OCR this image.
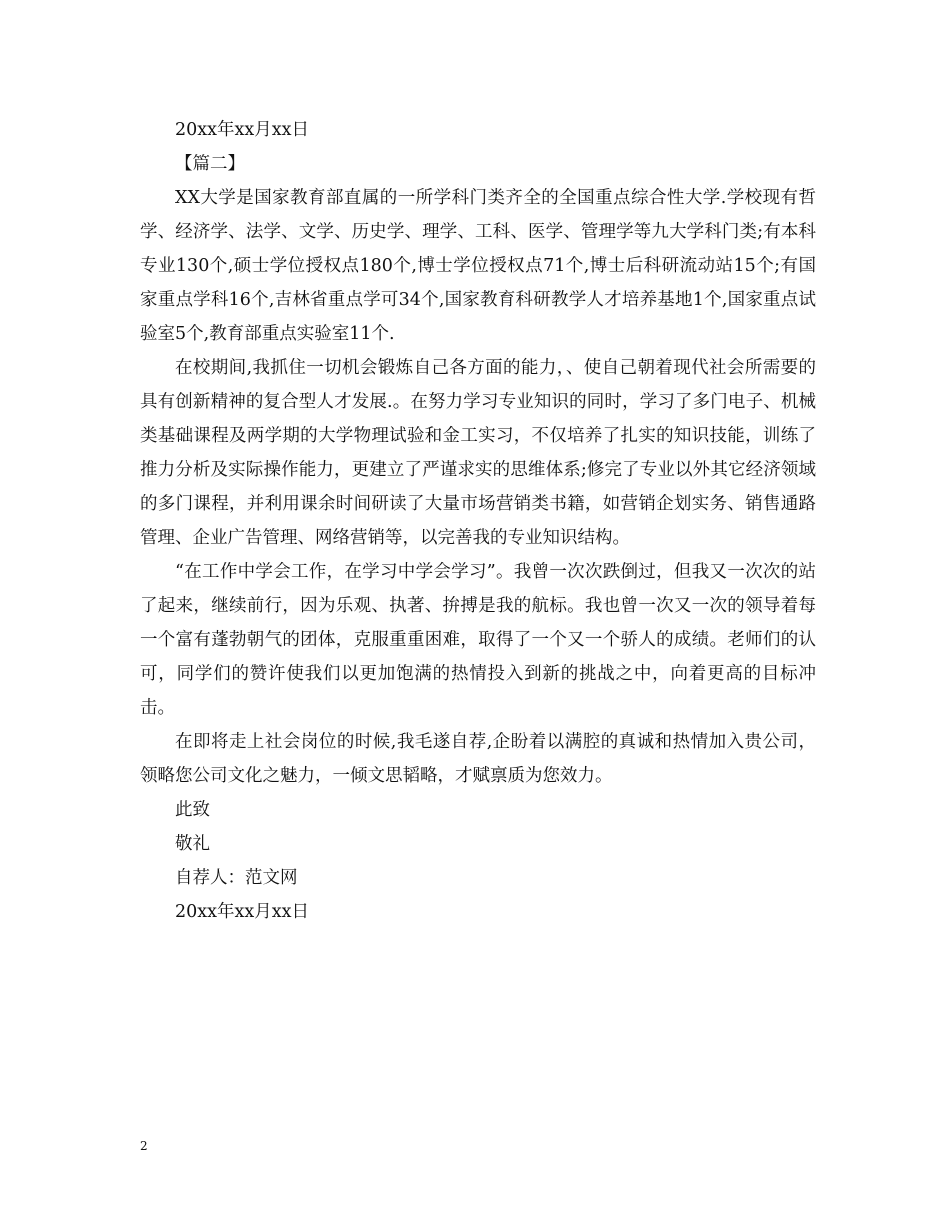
20xx年xx月xx日
【篇二】
XX大学是国家教育部直属的一所学科门类齐全的全国重点综合性大学.学校现有哲学、经济学、法学、文学、历史学、理学、工科、医学、管理学等九大学科门类;有本科专业130个,硕士学位授权点180个,博士学位授权点71个,博士后科研流动站15个;有国家重点学科16个,吉林省重点学可34个,国家教育科研教学人才培养基地1个,国家重点试验室5个,教育部重点实验室11个.
在校期间,我抓住一切机会锻炼自己各方面的能力，、使自己朝着现代社会所需要的具有创新精神的复合型人才发展.。在努力学习专业知识的同时，学习了多门电子、机械类基础课程及两学期的大学物理试验和金工实习，不仅培养了扎实的知识技能，训练了推力分析及实际操作能力，更建立了严谨求实的思维体系;修完了专业以外其它经济领域的多门课程，并利用课余时间研读了大量市场营销类书籍，如营销企划实务、销售通路管理、企业广告管理、网络营销等，以完善我的专业知识结构。
“在工作中学会工作，在学习中学会学习”。我曾一次次跌倒过，但我又一次次的站了起来，继续前行，因为乐观、执著、拚搏是我的航标。我也曾一次又一次的领导着每一个富有蓬勃朝气的团体，克服重重困难，取得了一个又一个骄人的成绩。老师们的认可，同学们的赞许使我们以更加饱满的热情投入到新的挑战之中，向着更高的目标冲击。
在即将走上社会岗位的时候,我毛遂自荐,企盼着以满腔的真诚和热情加入贵公司，领略您公司文化之魅力，一倾文思韬略，才赋禀质为您效力。
此致
敬礼
自荐人：范文网
20xx年xx月xx日
2
